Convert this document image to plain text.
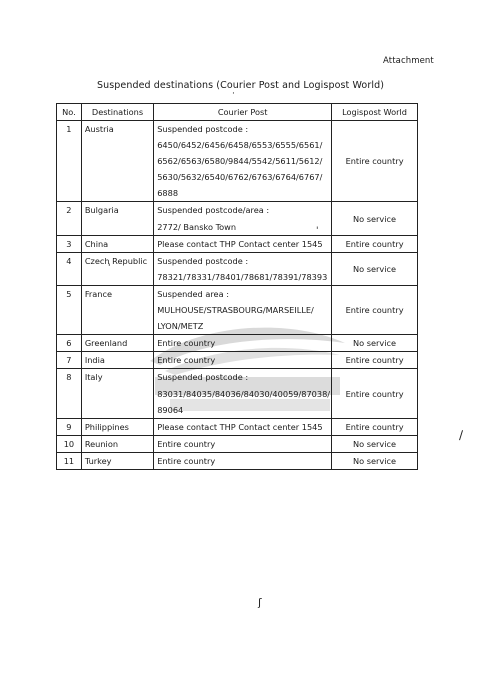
Attachment
Suspended destinations (Courier Post and Logispost World)
No.	Destinations	Courier Post	Logispost World
1	Austria	Suspended postcode :
6450/6452/6456/6458/6553/6555/6561/
6562/6563/6580/9844/5542/5611/5612/
5630/5632/6540/6762/6763/6764/6767/
6888	Entire country
2	Bulgaria	Suspended postcode/area :
2772/ Bansko Town	No service
3	China	Please contact THP Contact center 1545	Entire country
4	Czech Republic	Suspended postcode :
78321/78331/78401/78681/78391/78393	No service
5	France	Suspended area :
MULHOUSE/STRASBOURG/MARSEILLE/
LYON/METZ	Entire country
6	Greenland	Entire country	No service
7	India	Entire country	Entire country
8	Italy	Suspended postcode :
83031/84035/84036/84030/40059/87038/
89064	Entire country
9	Philippines	Please contact THP Contact center 1545	Entire country
10	Reunion	Entire country	No service
11	Turkey	Entire country	No service
·
'
'
∕
ʃ
